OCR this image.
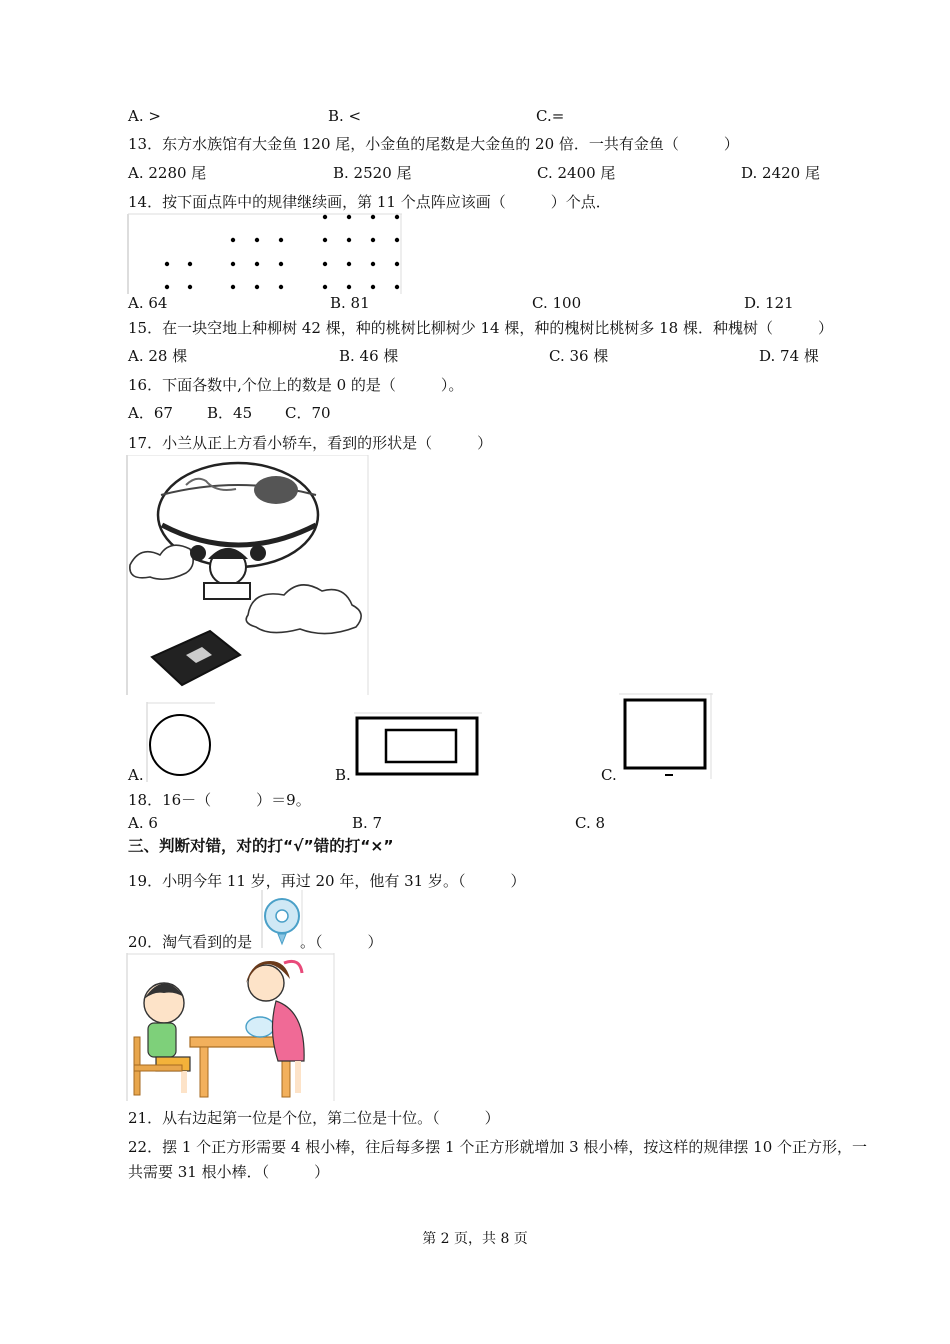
A. >	B. <	C.=
13．东方水族馆有大金鱼 120 尾，小金鱼的尾数是大金鱼的 20 倍．一共有金鱼（　　　）
A. 2280 尾	B. 2520 尾	C. 2400 尾	D. 2420 尾
14．按下面点阵中的规律继续画，第 11 个点阵应该画（　　　）个点．
A. 64	B. 81	C. 100	D. 121
15．在一块空地上种柳树 42 棵，种的桃树比柳树少 14 棵，种的槐树比桃树多 18 棵．种槐树（　　　）
A. 28 棵	B. 46 棵	C. 36 棵	D. 74 棵
16．下面各数中,个位上的数是 0 的是（　　　）。
A．67 B．45 C．70
17．小兰从正上方看小轿车，看到的形状是（　　　）
A.	B.	C.
18．16－（　　　）＝9。
A. 6	B. 7	C. 8
三、判断对错，对的打“√”错的打“×”
19．小明今年 11 岁，再过 20 年，他有 31 岁。（　　　）
20．淘气看到的是	。（　　　）
21．从右边起第一位是个位，第二位是十位。（　　　）
22．摆 1 个正方形需要 4 根小棒，往后每多摆 1 个正方形就增加 3 根小棒，按这样的规律摆 10 个正方形，一
共需要 31 根小棒．（　　　）
第 2 页，共 8 页
